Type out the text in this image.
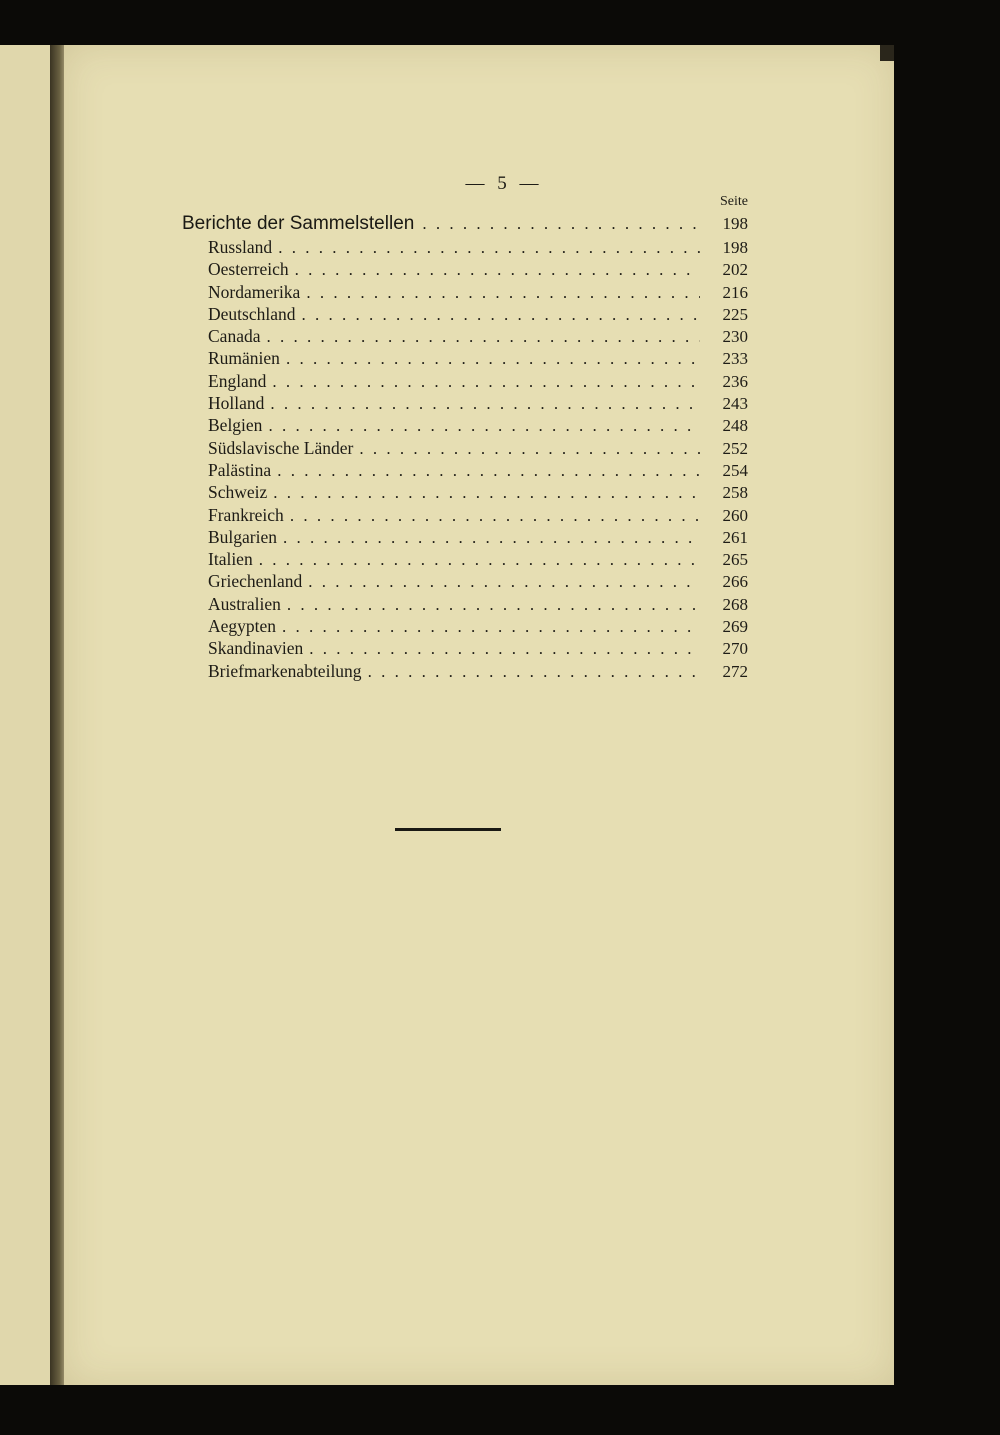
— 5 —
Seite
Berichte der Sammelstellen . . .	198
Russland . . .	198
Oesterreich . . .	202
Nordamerika . . .	216
Deutschland . . .	225
Canada . . .	230
Rumänien . . .	233
England . . .	236
Holland . . .	243
Belgien . . .	248
Südslavische Länder . . .	252
Palästina . . .	254
Schweiz . . .	258
Frankreich . . .	260
Bulgarien . . .	261
Italien . . .	265
Griechenland . . .	266
Australien . . .	268
Aegypten . . .	269
Skandinavien . . .	270
Briefmarkenabteilung . . .	272
